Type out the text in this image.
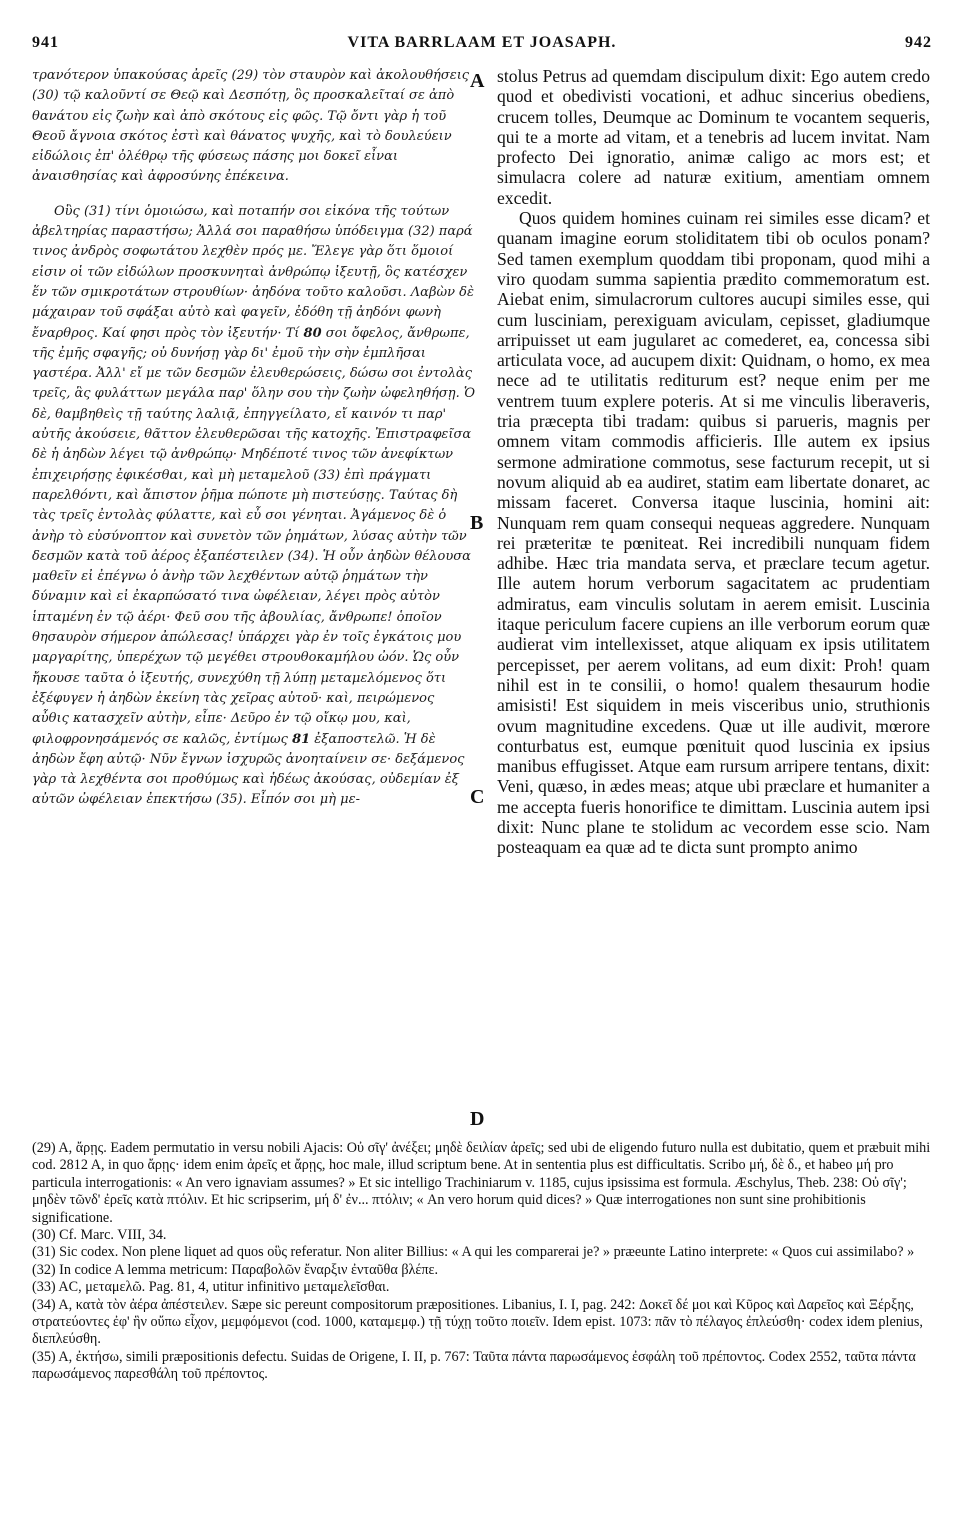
941	VITA BARRLAAM ET JOASAPH.	942

τρανότερον ὑπακούσας ἀρεῖς (29) τὸν σταυρὸν καὶ ἀκολουθήσεις (30) τῷ καλοῦντί σε Θεῷ καὶ Δεσπότῃ, ὃς προσκαλεῖταί σε ἀπὸ θανάτου εἰς ζωὴν καὶ ἀπὸ σκότους εἰς φῶς. Τῷ ὄντι γὰρ ἡ τοῦ Θεοῦ ἄγνοια σκότος ἐστὶ καὶ θάνατος ψυχῆς, καὶ τὸ δουλεύειν εἰδώλοις ἐπ' ὀλέθρῳ τῆς φύσεως πάσης μοι δοκεῖ εἶναι ἀναισθησίας καὶ ἀφροσύνης ἐπέκεινα.

Οὓς (31) τίνι ὁμοιώσω, καὶ ποταπήν σοι εἰκόνα τῆς τούτων ἀβελτηρίας παραστήσω; Ἀλλά σοι παραθήσω ὑπόδειγμα (32) παρά τινος ἀνδρὸς σοφωτάτου λεχθὲν πρός με. Ἔλεγε γὰρ ὅτι ὅμοιοί εἰσιν οἱ τῶν εἰδώλων προσκυνηταὶ ἀνθρώπῳ ἰξευτῇ, ὃς κατέσχεν ἕν τῶν σμικροτάτων στρουθίων· ἀηδόνα τοῦτο καλοῦσι. Λαβὼν δὲ μάχαιραν τοῦ σφάξαι αὐτὸ καὶ φαγεῖν, ἐδόθη τῇ ἀηδόνι φωνὴ ἔναρθρος. Καί φησι πρὸς τὸν ἰξευτήν· Τί 80 σοι ὄφελος, ἄνθρωπε, τῆς ἐμῆς σφαγῆς; οὐ δυνήσῃ γὰρ δι' ἐμοῦ τὴν σὴν ἐμπλῆσαι γαστέρα. Ἀλλ' εἴ με τῶν δεσμῶν ἐλευθερώσεις, δώσω σοι ἐντολὰς τρεῖς, ἃς φυλάττων μεγάλα παρ' ὅλην σου τὴν ζωὴν ὠφεληθήσῃ. Ὁ δὲ, θαμβηθεὶς τῇ ταύτης λαλιᾷ, ἐπηγγείλατο, εἴ καινόν τι παρ' αὐτῆς ἀκούσειε, θᾶττον ἐλευθερῶσαι τῆς κατοχῆς. Ἐπιστραφεῖσα δὲ ἡ ἀηδὼν λέγει τῷ ἀνθρώπῳ· Μηδέποτέ τινος τῶν ἀνεφίκτων ἐπιχειρήσῃς ἐφικέσθαι, καὶ μὴ μεταμελοῦ (33) ἐπὶ πράγματι παρελθόντι, καὶ ἄπιστον ῥῆμα πώποτε μὴ πιστεύσῃς. Ταύτας δὴ τὰς τρεῖς ἐντολὰς φύλαττε, καὶ εὖ σοι γένηται. Ἀγάμενος δὲ ὁ ἀνὴρ τὸ εὐσύνοπτον καὶ συνετὸν τῶν ῥημάτων, λύσας αὐτὴν τῶν δεσμῶν κατὰ τοῦ ἀέρος ἐξαπέστειλεν (34). Ἡ οὖν ἀηδὼν θέλουσα μαθεῖν εἰ ἐπέγνω ὁ ἀνὴρ τῶν λεχθέντων αὐτῷ ῥημάτων τὴν δύναμιν καὶ εἰ ἐκαρπώσατό τινα ὠφέλειαν, λέγει πρὸς αὐτὸν ἱπταμένη ἐν τῷ ἀέρι· Φεῦ σου τῆς ἀβουλίας, ἄνθρωπε! ὁποῖον θησαυρὸν σήμερον ἀπώλεσας! ὑπάρχει γὰρ ἐν τοῖς ἐγκάτοις μου μαργαρίτης, ὑπερέχων τῷ μεγέθει στρουθοκαμήλου ὠόν. Ὡς οὖν ἤκουσε ταῦτα ὁ ἰξευτής, συνεχύθη τῇ λύπῃ μεταμελόμενος ὅτι ἐξέφυγεν ἡ ἀηδὼν ἐκείνη τὰς χεῖρας αὐτοῦ· καὶ, πειρώμενος αὖθις κατασχεῖν αὐτὴν, εἶπε· Δεῦρο ἐν τῷ οἴκῳ μου, καὶ, φιλοφρονησάμενός σε καλῶς, ἐντίμως 81 ἐξαποστελῶ. Ἡ δὲ ἀηδὼν ἔφη αὐτῷ· Νῦν ἔγνων ἰσχυρῶς ἀνοηταίνειν σε· δεξάμενος γὰρ τὰ λεχθέντα σοι προθύμως καὶ ἡδέως ἀκούσας, οὐδεμίαν ἐξ αὐτῶν ὠφέλειαν ἐπεκτήσω (35). Εἶπόν σοι μὴ με-

A
B
C
D

stolus Petrus ad quemdam discipulum dixit: Ego autem credo quod et obedivisti vocationi, et adhuc sincerius obediens, crucem tolles, Deumque ac Dominum te vocantem sequeris, qui te a morte ad vitam, et a tenebris ad lucem invitat. Nam profecto Dei ignoratio, animæ caligo ac mors est; et simulacra colere ad naturæ exitium, amentiam omnem excedit.

Quos quidem homines cuinam rei similes esse dicam? et quanam imagine eorum stoliditatem tibi ob oculos ponam? Sed tamen exemplum quoddam tibi proponam, quod mihi a viro quodam summa sapientia prædito commemoratum est. Aiebat enim, simulacrorum cultores aucupi similes esse, qui cum lusciniam, perexiguam aviculam, cepisset, gladiumque arripuisset ut eam jugularet ac comederet, ea, concessa sibi articulata voce, ad aucupem dixit: Quidnam, o homo, ex mea nece ad te utilitatis rediturum est? neque enim per me ventrem tuum explere poteris. At si me vinculis liberaveris, tria præcepta tibi tradam: quibus si parueris, magnis per omnem vitam commodis afficieris. Ille autem ex ipsius sermone admiratione commotus, sese facturum recepit, ut si novum aliquid ab ea audiret, statim eam libertate donaret, ac missam faceret. Conversa itaque luscinia, homini ait: Nunquam rem quam consequi nequeas aggredere. Nunquam rei præteritæ te pœniteat. Rei incredibili nunquam fidem adhibe. Hæc tria mandata serva, et præclare tecum agetur. Ille autem horum verborum sagacitatem ac prudentiam admiratus, eam vinculis solutam in aerem emisit. Luscinia itaque periculum facere cupiens an ille verborum eorum quæ audierat vim intellexisset, atque aliquam ex ipsis utilitatem percepisset, per aerem volitans, ad eum dixit: Proh! quam nihil est in te consilii, o homo! qualem thesaurum hodie amisisti! Est siquidem in meis visceribus unio, struthionis ovum magnitudine excedens. Quæ ut ille audivit, mœrore conturbatus est, eumque pœnituit quod luscinia ex ipsius manibus effugisset. Atque eam rursum arripere tentans, dixit: Veni, quæso, in ædes meas; atque ubi præclare et humaniter a me accepta fueris honorifice te dimittam. Luscinia autem ipsi dixit: Nunc plane te stolidum ac vecordem esse scio. Nam posteaquam ea quæ ad te dicta sunt prompto animo

(29) A, ἄρῃς. Eadem permutatio in versu nobili Ajacis: Οὐ σῖγ' ἀνέξει; μηδὲ δειλίαν ἀρεῖς; sed ubi de eligendo futuro nulla est dubitatio, quem et præbuit mihi cod. 2812 A, in quo ἄρῃς· idem enim ἀρεῖς et ἄρῃς, hoc male, illud scriptum bene. At in sententia plus est difficultatis. Scribo μή, δὲ δ., et habeo μή pro particula interrogationis: « An vero ignaviam assumes? » Et sic intelligo Trachiniarum v. 1185, cujus ipsissima est formula. Æschylus, Theb. 238: Οὐ σῖγ'; μηδὲν τῶνδ' ἐρεῖς κατὰ πτόλιν. Et hic scripserim, μή δ' ἐν... πτόλιν; « An vero horum quid dices? » Quæ interrogationes non sunt sine prohibitionis significatione.

(30) Cf. Marc. VIII, 34.

(31) Sic codex. Non plene liquet ad quos οὓς referatur. Non aliter Billius: « A qui les comparerai je? » præeunte Latino interprete: « Quos cui assimilabo? »

(32) In codice A lemma metricum: Παραβολῶν ἔναρξιν ἐνταῦθα βλέπε.

(33) AC, μεταμελῶ. Pag. 81, 4, utitur infinitivo μεταμελεῖσθαι.

(34) A, κατὰ τὸν ἀέρα ἀπέστειλεν. Sæpe sic pereunt compositorum præpositiones. Libanius, I. I, pag. 242: Δοκεῖ δέ μοι καὶ Κῦρος καὶ Δαρεῖος καὶ Ξέρξης, στρατεύοντες ἐφ' ἣν οὔπω εἶχον, μεμφόμενοι (cod. 1000, καταμεμφ.) τῇ τύχῃ τοῦτο ποιεῖν. Idem epist. 1073: πᾶν τὸ πέλαγος ἐπλεύσθη· codex idem plenius, διεπλεύσθη.

(35) A, ἐκτήσω, simili præpositionis defectu. Suidas de Origene, I. II, p. 767: Ταῦτα πάντα παρωσάμενος ἐσφάλη τοῦ πρέποντος. Codex 2552, ταῦτα πάντα παρωσάμενος παρεσθάλη τοῦ πρέποντος.
